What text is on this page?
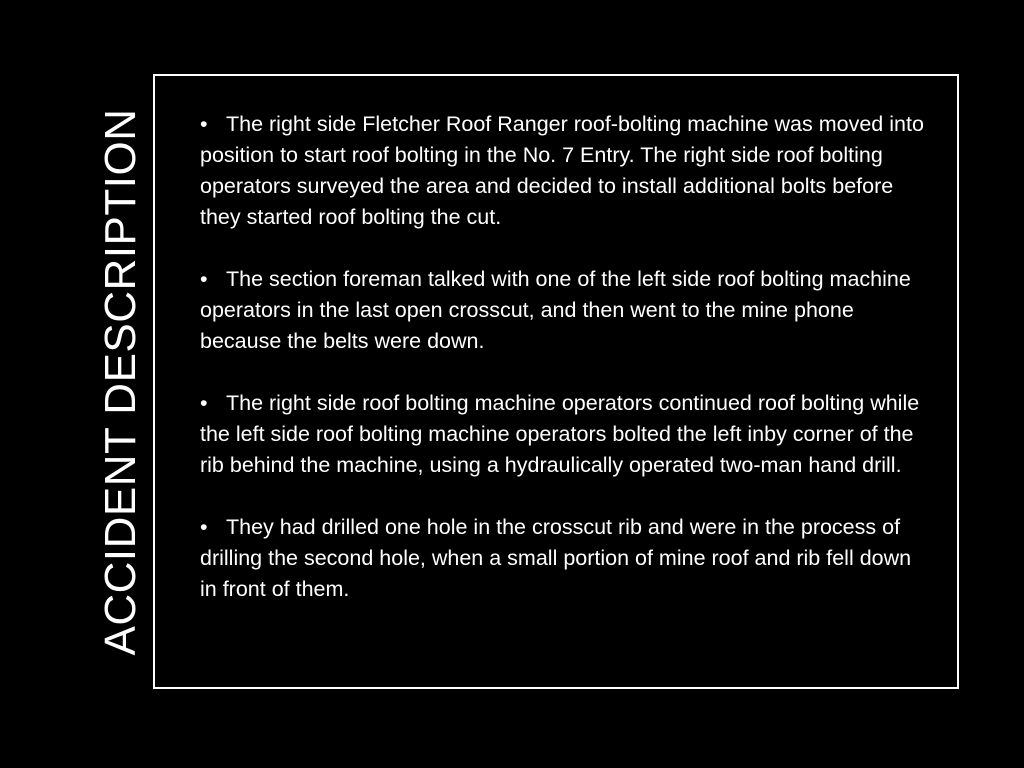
ACCIDENT DESCRIPTION	• The right side Fletcher Roof Ranger roof-bolting machine was moved into position to start roof bolting in the No. 7 Entry. The right side roof bolting operators surveyed the area and decided to install additional bolts before they started roof bolting the cut.
• The section foreman talked with one of the left side roof bolting machine operators in the last open crosscut, and then went to the mine phone because the belts were down.
• The right side roof bolting machine operators continued roof bolting while the left side roof bolting machine operators bolted the left inby corner of the rib behind the machine, using a hydraulically operated two-man hand drill.
• They had drilled one hole in the crosscut rib and were in the process of drilling the second hole, when a small portion of mine roof and rib fell down in front of them.
